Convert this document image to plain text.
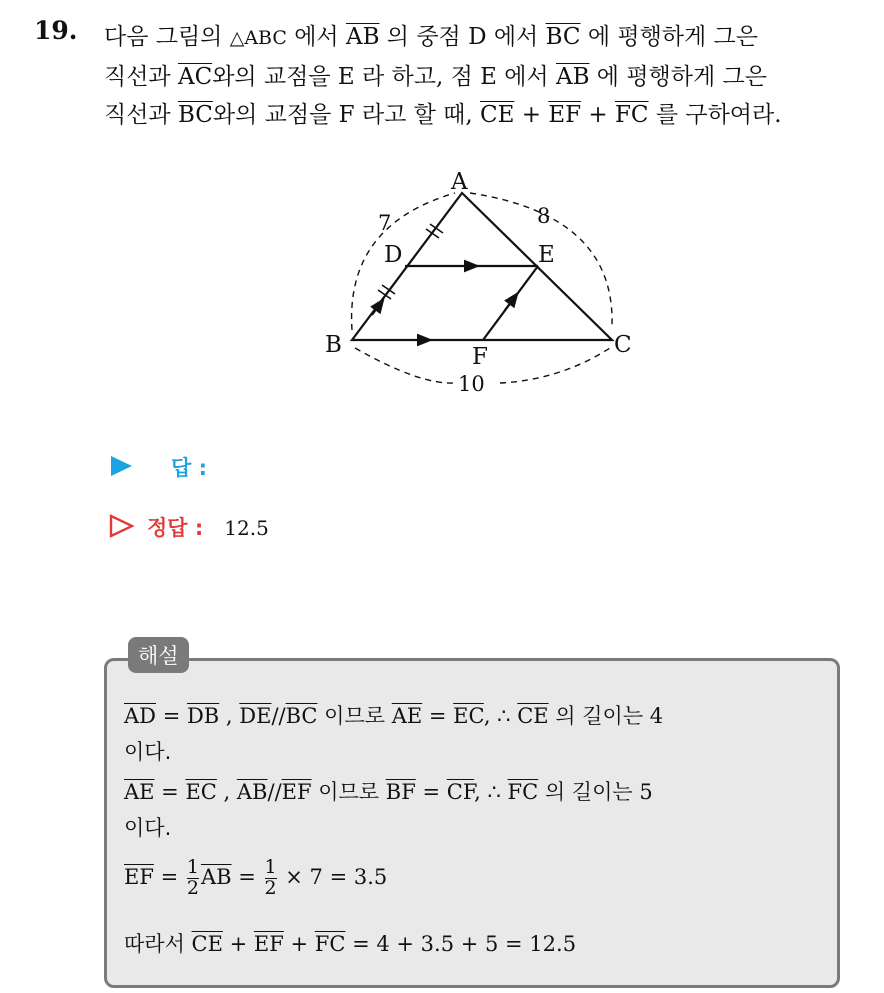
19. 다음 그림의 △ABC 에서 $\overline{AB}$ 의 중점 D 에서 $\overline{BC}$ 에 평행하게 그은
직선과 $\overline{AC}$와의 교점을 E 라 하고, 점 E 에서 $\overline{AB}$ 에 평행하게 그은
직선과 $\overline{BC}$와의 교점을 F 라고 할 때, $\overline{CE} + \overline{EF} + \overline{FC}$ 를 구하여라.
A
B	C
D	E
F
7	8
10
답 :
정답 : 12.5
해설
$\overline{AD} = \overline{DB}$ , $\overline{DE}//\overline{BC}$ 이므로 $\overline{AE} = \overline{EC}$, ∴ $\overline{CE}$ 의 길이는 4
이다.
$\overline{AE} = \overline{EC}$ , $\overline{AB}//\overline{EF}$ 이므로 $\overline{BF} = \overline{CF}$, ∴ $\overline{FC}$ 의 길이는 5
이다.
$\overline{EF} = \frac{1}{2} \overline{AB} = \frac{1}{2} \times 7 = 3.5$
따라서 $\overline{CE} + \overline{EF} + \overline{FC} = 4 + 3.5 + 5 = 12.5$
